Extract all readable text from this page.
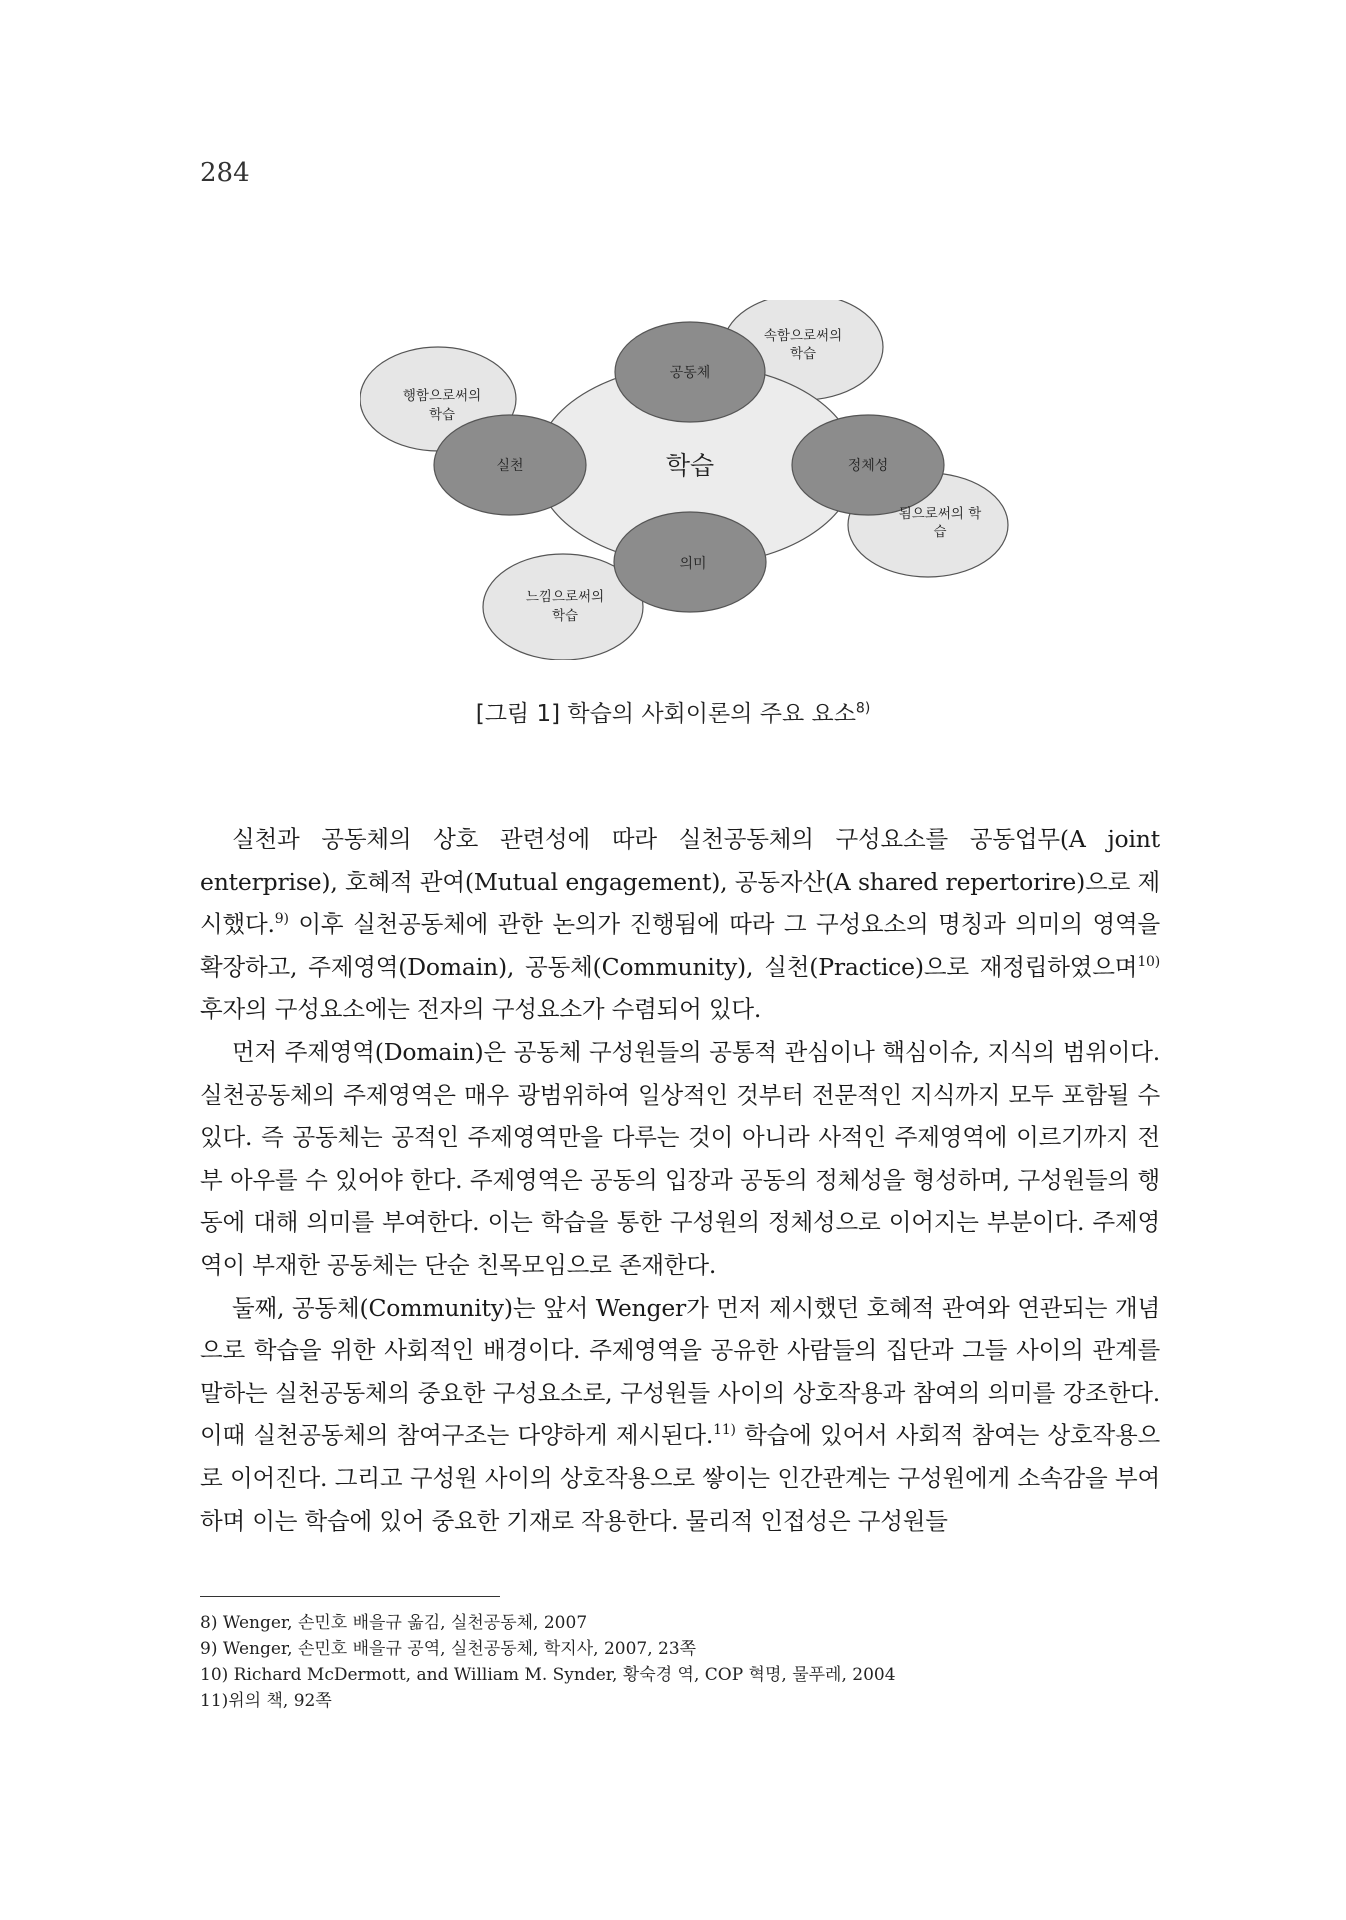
284
학습
공동체
실천	정체성
의미
속함으로써의
학습
행함으로써의
학습
됨으로써의 학
습
느낌으로써의
학습
[그림 1] 학습의 사회이론의 주요 요소$^{8)}$

실천과 공동체의 상호 관련성에 따라 실천공동체의 구성요소를 공동업무(A joint enterprise), 호혜적 관여(Mutual engagement), 공동자산(A shared repertorire)으로 제시했다.$^{9)}$ 이후 실천공동체에 관한 논의가 진행됨에 따라 그 구성요소의 명칭과 의미의 영역을 확장하고, 주제영역(Domain), 공동체(Community), 실천(Practice)으로 재정립하였으며$^{10)}$ 후자의 구성요소에는 전자의 구성요소가 수렴되어 있다.

먼저 주제영역(Domain)은 공동체 구성원들의 공통적 관심이나 핵심이슈, 지식의 범위이다. 실천공동체의 주제영역은 매우 광범위하여 일상적인 것부터 전문적인 지식까지 모두 포함될 수 있다. 즉 공동체는 공적인 주제영역만을 다루는 것이 아니라 사적인 주제영역에 이르기까지 전부 아우를 수 있어야 한다. 주제영역은 공동의 입장과 공동의 정체성을 형성하며, 구성원들의 행동에 대해 의미를 부여한다. 이는 학습을 통한 구성원의 정체성으로 이어지는 부분이다. 주제영역이 부재한 공동체는 단순 친목모임으로 존재한다.

둘째, 공동체(Community)는 앞서 Wenger가 먼저 제시했던 호혜적 관여와 연관되는 개념으로 학습을 위한 사회적인 배경이다. 주제영역을 공유한 사람들의 집단과 그들 사이의 관계를 말하는 실천공동체의 중요한 구성요소로, 구성원들 사이의 상호작용과 참여의 의미를 강조한다. 이때 실천공동체의 참여구조는 다양하게 제시된다.$^{11)}$ 학습에 있어서 사회적 참여는 상호작용으로 이어진다. 그리고 구성원 사이의 상호작용으로 쌓이는 인간관계는 구성원에게 소속감을 부여하며 이는 학습에 있어 중요한 기재로 작용한다. 물리적 인접성은 구성원들

8) Wenger, 손민호 배을규 옮김, 실천공동체, 2007
9) Wenger, 손민호 배을규 공역, 실천공동체, 학지사, 2007, 23쪽
10) Richard McDermott, and William M. Synder, 황숙경 역, COP 혁명, 물푸레, 2004
11)위의 책, 92쪽
